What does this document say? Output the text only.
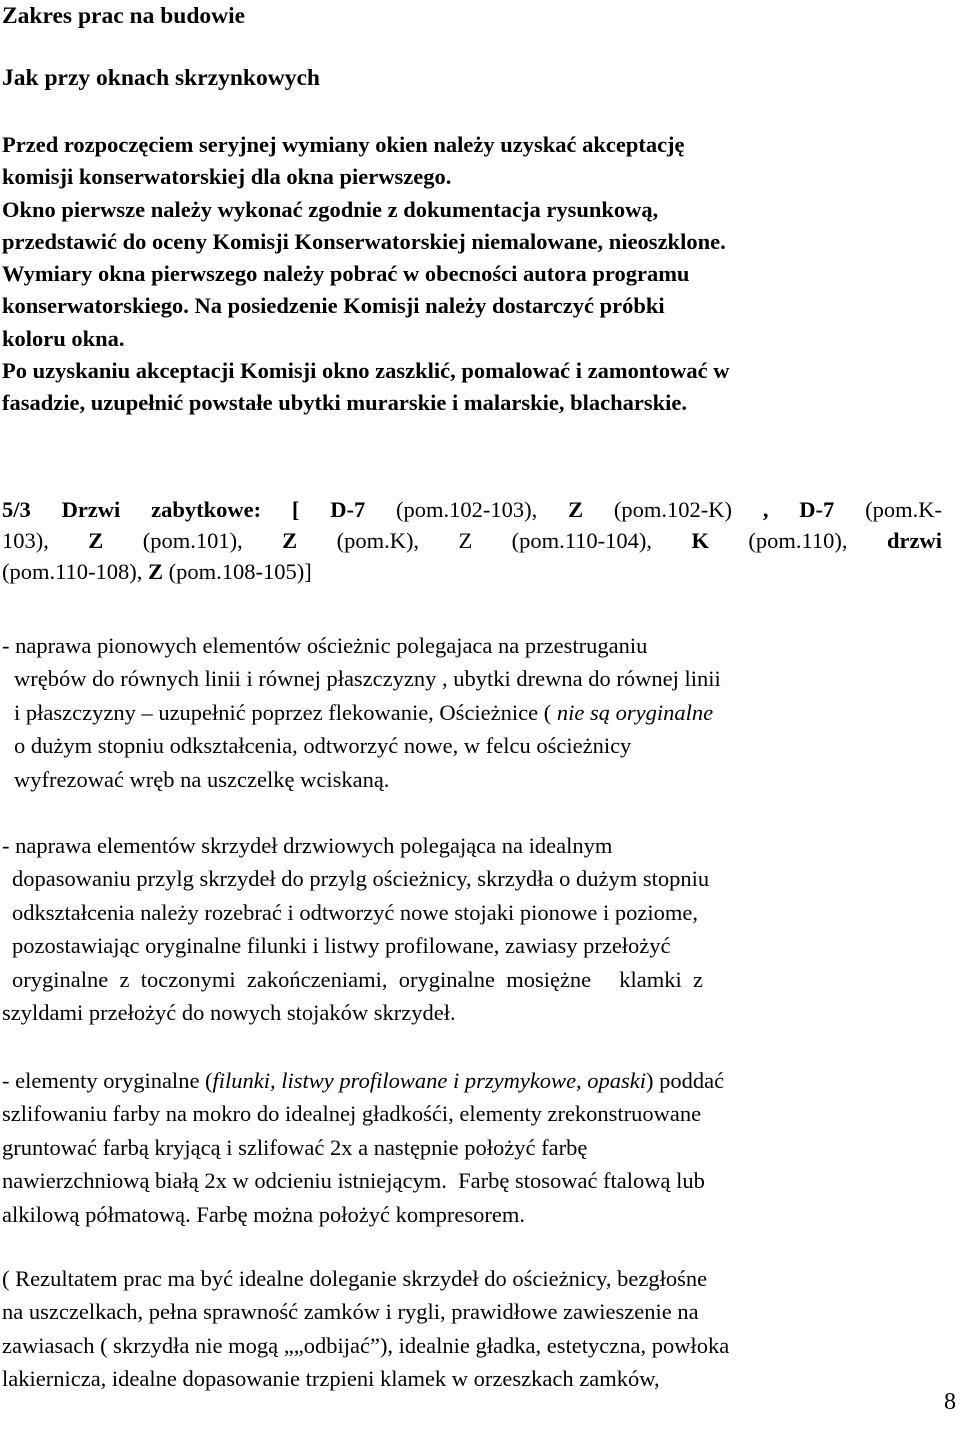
Zakres prac na budowie
Jak przy oknach skrzynkowych
Przed rozpoczęciem seryjnej wymiany okien należy uzyskać akceptację
komisji konserwatorskiej dla okna pierwszego.
Okno pierwsze należy wykonać zgodnie z dokumentacja rysunkową,
przedstawić do oceny Komisji Konserwatorskiej niemalowane, nieoszklone.
Wymiary okna pierwszego należy pobrać w obecności autora programu
konserwatorskiego. Na posiedzenie Komisji należy dostarczyć próbki
koloru okna.
Po uzyskaniu akceptacji Komisji okno zaszklić, pomalować i zamontować w
fasadzie, uzupełnić powstałe ubytki murarskie i malarskie, blacharskie.
5/3 Drzwi zabytkowe: [ D-7 (pom.102-103), Z (pom.102-K) , D-7 (pom.K-
103), Z (pom.101), Z (pom.K), Z (pom.110-104), K (pom.110), drzwi
(pom.110-108), Z (pom.108-105)]
- naprawa pionowych elementów ościeżnic polegajaca na przestruganiu
wrębów do równych linii i równej płaszczyzny , ubytki drewna do równej linii
i płaszczyzny – uzupełnić poprzez flekowanie, Ościeżnice ( nie są oryginalne
o dużym stopniu odkształcenia, odtworzyć nowe, w felcu ościeżnicy
wyfrezować wręb na uszczelkę wciskaną.
- naprawa elementów skrzydeł drzwiowych polegająca na idealnym
dopasowaniu przylg skrzydeł do przylg ościeżnicy, skrzydła o dużym stopniu
odkształcenia należy rozebrać i odtworzyć nowe stojaki pionowe i poziome,
pozostawiając oryginalne filunki i listwy profilowane, zawiasy przełożyć
oryginalne  z  toczonymi  zakończeniami,  oryginalne  mosiężne     klamki  z
szyldami przełożyć do nowych stojaków skrzydeł.
- elementy oryginalne (filunki, listwy profilowane i przymykowe, opaski) poddać
szlifowaniu farby na mokro do idealnej gładkośći, elementy zrekonstruowane
gruntować farbą kryjącą i szlifować 2x a następnie położyć farbę
nawierzchniową białą 2x w odcieniu istniejącym.  Farbę stosować ftalową lub
alkilową półmatową. Farbę można położyć kompresorem.
( Rezultatem prac ma być idealne doleganie skrzydeł do ościeżnicy, bezgłośne
na uszczelkach, pełna sprawność zamków i rygli, prawidłowe zawieszenie na
zawiasach ( skrzydła nie mogą „„odbijać”), idealnie gładka, estetyczna, powłoka
lakiernicza, idealne dopasowanie trzpieni klamek w orzeszkach zamków,
8
